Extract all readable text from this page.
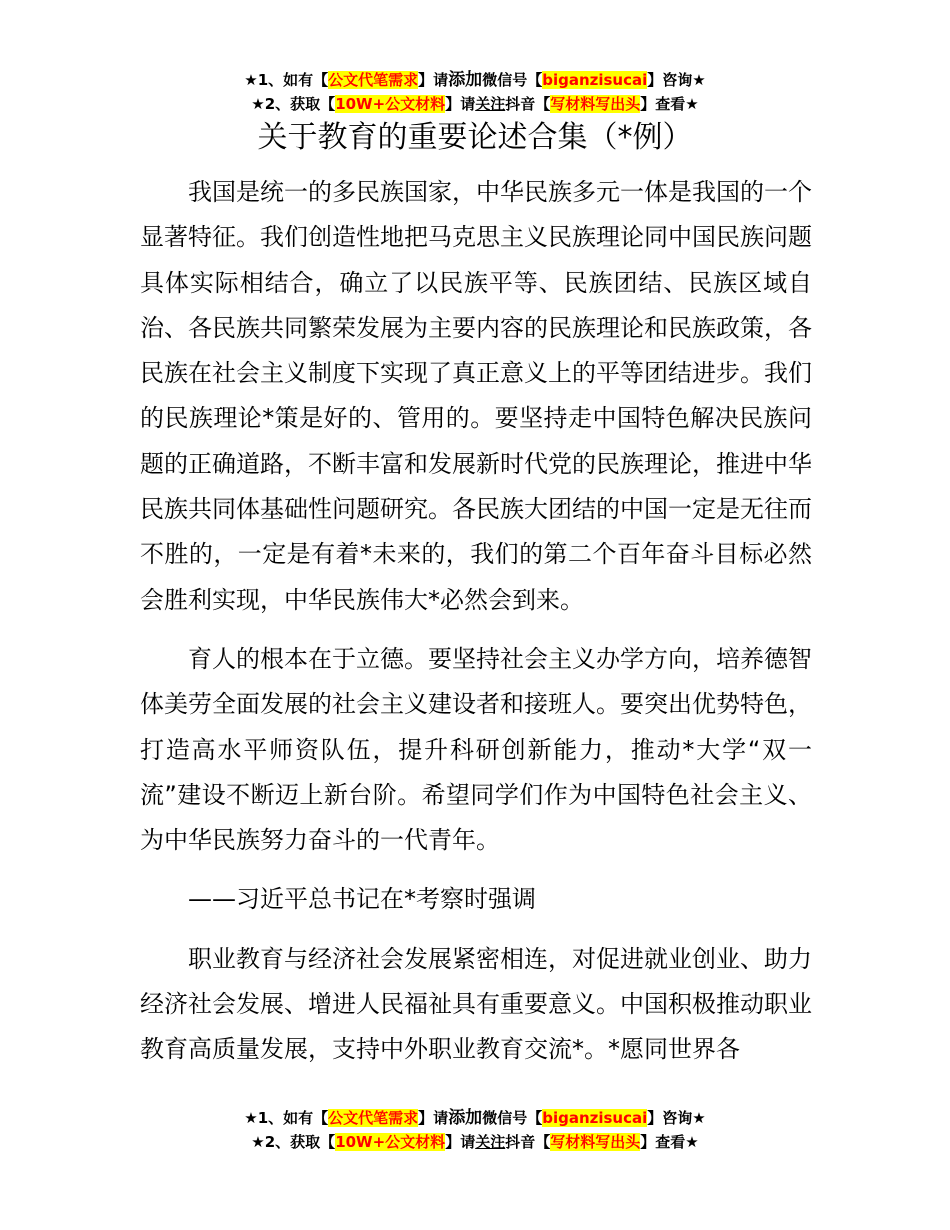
★1、如有【公文代笔需求】请添加微信号【biganzisucai】咨询★
★2、获取【10W+公文材料】请关注抖音【写材料写出头】查看★
关于教育的重要论述合集（*例）

我国是统一的多民族国家，中华民族多元一体是我国的一个显著特征。我们创造性地把马克思主义民族理论同中国民族问题具体实际相结合，确立了以民族平等、民族团结、民族区域自治、各民族共同繁荣发展为主要内容的民族理论和民族政策，各民族在社会主义制度下实现了真正意义上的平等团结进步。我们的民族理论*策是好的、管用的。要坚持走中国特色解决民族问题的正确道路，不断丰富和发展新时代党的民族理论，推进中华民族共同体基础性问题研究。各民族大团结的中国一定是无往而不胜的，一定是有着*未来的，我们的第二个百年奋斗目标必然会胜利实现，中华民族伟大*必然会到来。

育人的根本在于立德。要坚持社会主义办学方向，培养德智体美劳全面发展的社会主义建设者和接班人。要突出优势特色，打造高水平师资队伍，提升科研创新能力，推动*大学“双一流”建设不断迈上新台阶。希望同学们作为中国特色社会主义、为中华民族努力奋斗的一代青年。

——习近平总书记在*考察时强调

职业教育与经济社会发展紧密相连，对促进就业创业、助力经济社会发展、增进人民福祉具有重要意义。中国积极推动职业教育高质量发展，支持中外职业教育交流*。*愿同世界各

★1、如有【公文代笔需求】请添加微信号【biganzisucai】咨询★
★2、获取【10W+公文材料】请关注抖音【写材料写出头】查看★
